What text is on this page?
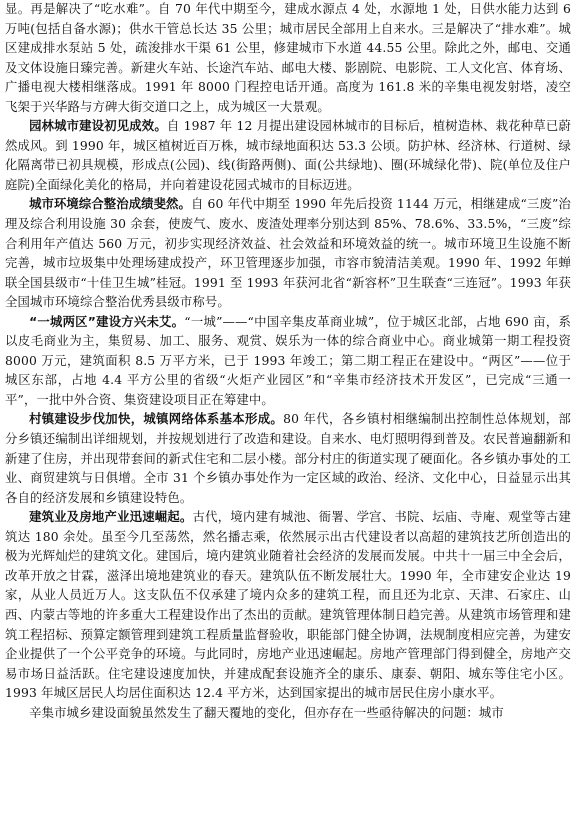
显。再是解决了“吃水难”。自 70 年代中期至今，建成水源点 4 处，水源地 1 处，日供水能力达到 6 万吨(包括自备水源)；供水干管总长达 35 公里；城市居民全部用上自来水。三是解决了“排水难”。城区建成排水泵站 5 处，疏浚排水干渠 61 公里，修建城市下水道 44.55 公里。除此之外，邮电、交通及文体设施日臻完善。新建火车站、长途汽车站、邮电大楼、影剧院、电影院、工人文化宫、体育场、广播电视大楼相继落成。1991 年 8000 门程控电话开通。高度为 161.8 米的辛集电视发射塔，凌空飞架于兴华路与方碑大街交道口之上，成为城区一大景观。

园林城市建设初见成效。自 1987 年 12 月提出建设园林城市的目标后，植树造林、栽花种草已蔚然成风。到 1990 年，城区植树近百万株，城市绿地面积达 53.3 公顷。防护林、经济林、行道树、绿化隔离带已初具规模，形成点(公园)、线(街路两侧)、面(公共绿地)、圈(环城绿化带)、院(单位及住户庭院)全面绿化美化的格局，并向着建设花园式城市的目标迈进。

城市环境综合整治成绩斐然。自 60 年代中期至 1990 年先后投资 1144 万元，相继建成“三废”治理及综合利用设施 30 余套，使废气、废水、废渣处理率分别达到 85%、78.6%、33.5%，“三废”综合利用年产值达 560 万元，初步实现经济效益、社会效益和环境效益的统一。城市环境卫生设施不断完善，城市垃圾集中处理场建成投产，环卫管理逐步加强，市容市貌清洁美观。1990 年、1992 年蝉联全国县级市“十佳卫生城”桂冠。1991 至 1993 年获河北省“新容杯”卫生联查“三连冠”。1993 年获全国城市环境综合整治优秀县级市称号。

“一城两区”建设方兴未艾。“一城”——“中国辛集皮革商业城”，位于城区北部，占地 690 亩，系以皮毛商业为主，集贸易、加工、服务、观赏、娱乐为一体的综合商业中心。商业城第一期工程投资 8000 万元，建筑面积 8.5 万平方米，已于 1993 年竣工；第二期工程正在建设中。“两区”——位于城区东部，占地 4.4 平方公里的省级“火炬产业园区”和“辛集市经济技术开发区”，已完成“三通一平”，一批中外合资、集资建设项目正在筹建中。

村镇建设步伐加快，城镇网络体系基本形成。80 年代，各乡镇村相继编制出控制性总体规划，部分乡镇还编制出详细规划，并按规划进行了改造和建设。自来水、电灯照明得到普及。农民普遍翻新和新建了住房，并出现带套间的新式住宅和二层小楼。部分村庄的街道实现了硬面化。各乡镇办事处的工业、商贸建筑与日俱增。全市 31 个乡镇办事处作为一定区域的政治、经济、文化中心，日益显示出其各自的经济发展和乡镇建设特色。

建筑业及房地产业迅速崛起。古代，境内建有城池、衙署、学宫、书院、坛庙、寺庵、观堂等古建筑达 180 余处。虽至今几至荡然，然名播志乘，依然展示出古代建设者以高超的建筑技艺所创造出的极为光辉灿烂的建筑文化。建国后，境内建筑业随着社会经济的发展而发展。中共十一届三中全会后，改革开放之甘霖，滋泽出境地建筑业的春天。建筑队伍不断发展壮大。1990 年，全市建安企业达 19 家，从业人员近万人。这支队伍不仅承建了境内众多的建筑工程，而且还为北京、天津、石家庄、山西、内蒙古等地的许多重大工程建设作出了杰出的贡献。建筑管理体制日趋完善。从建筑市场管理和建筑工程招标、预算定额管理到建筑工程质量监督验收，职能部门健全协调，法规制度相应完善，为建安企业提供了一个公平竞争的环境。与此同时，房地产业迅速崛起。房地产管理部门得到健全，房地产交易市场日益活跃。住宅建设速度加快，并建成配套设施齐全的康乐、康泰、朝阳、城东等住宅小区。1993 年城区居民人均居住面积达 12.4 平方米，达到国家提出的城市居民住房小康水平。

辛集市城乡建设面貌虽然发生了翻天覆地的变化，但亦存在一些亟待解决的问题：城市
